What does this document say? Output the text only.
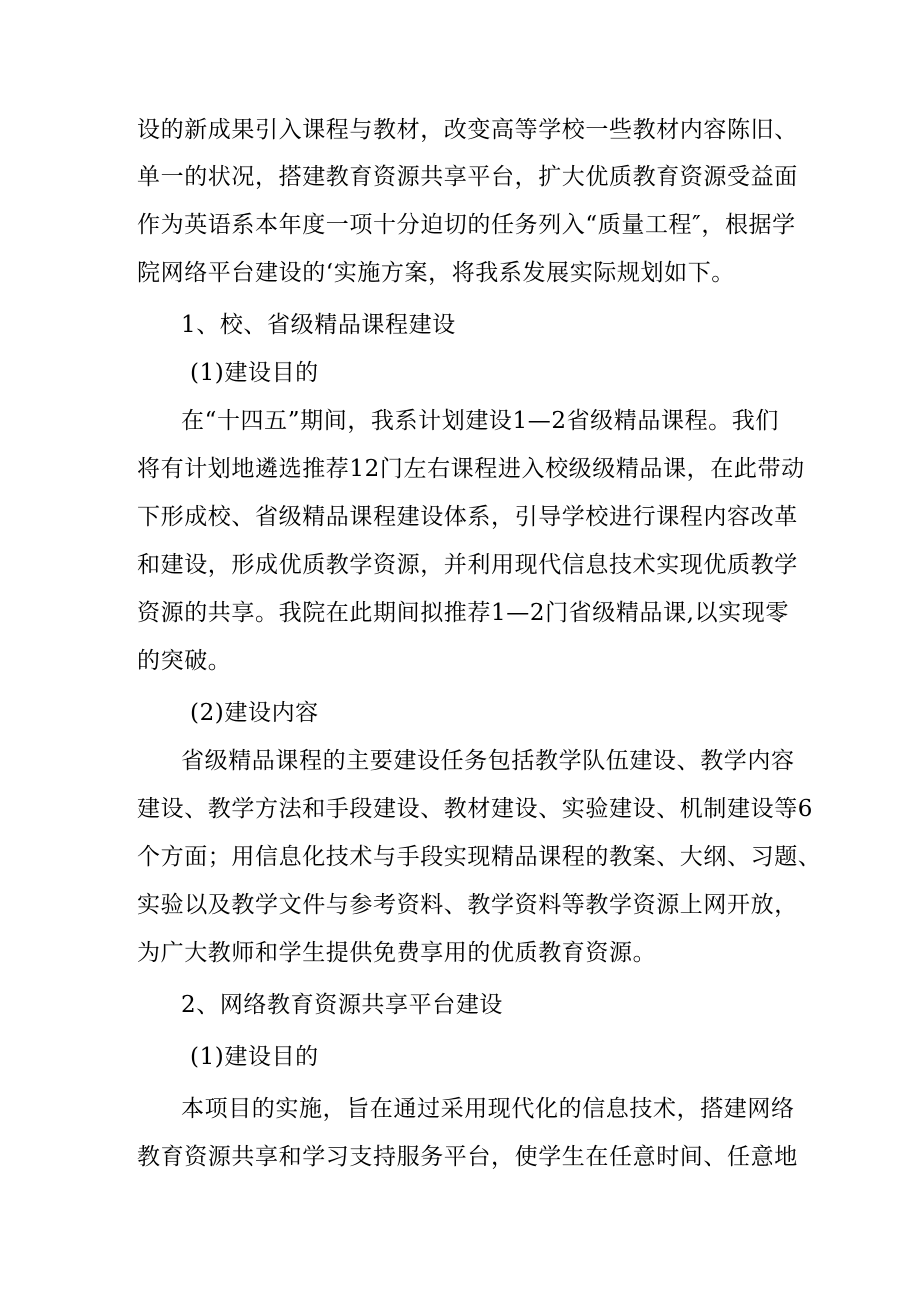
设的新成果引入课程与教材，改变高等学校一些教材内容陈旧、
单一的状况，搭建教育资源共享平台，扩大优质教育资源受益面
作为英语系本年度一项十分迫切的任务列入“质量工程″，根据学
院网络平台建设的‘实施方案，将我系发展实际规划如下。
1、校、省级精品课程建设
(1)建设目的
在“十四五”期间，我系计划建设1—2省级精品课程。我们
将有计划地遴选推荐12门左右课程进入校级级精品课，在此带动
下形成校、省级精品课程建设体系，引导学校进行课程内容改革
和建设，形成优质教学资源，并利用现代信息技术实现优质教学
资源的共享。我院在此期间拟推荐1—2门省级精品课,以实现零
的突破。
(2)建设内容
省级精品课程的主要建设任务包括教学队伍建设、教学内容
建设、教学方法和手段建设、教材建设、实验建设、机制建设等6
个方面；用信息化技术与手段实现精品课程的教案、大纲、习题、
实验以及教学文件与参考资料、教学资料等教学资源上网开放，
为广大教师和学生提供免费享用的优质教育资源。
2、网络教育资源共享平台建设
(1)建设目的
本项目的实施，旨在通过采用现代化的信息技术，搭建网络
教育资源共享和学习支持服务平台，使学生在任意时间、任意地
